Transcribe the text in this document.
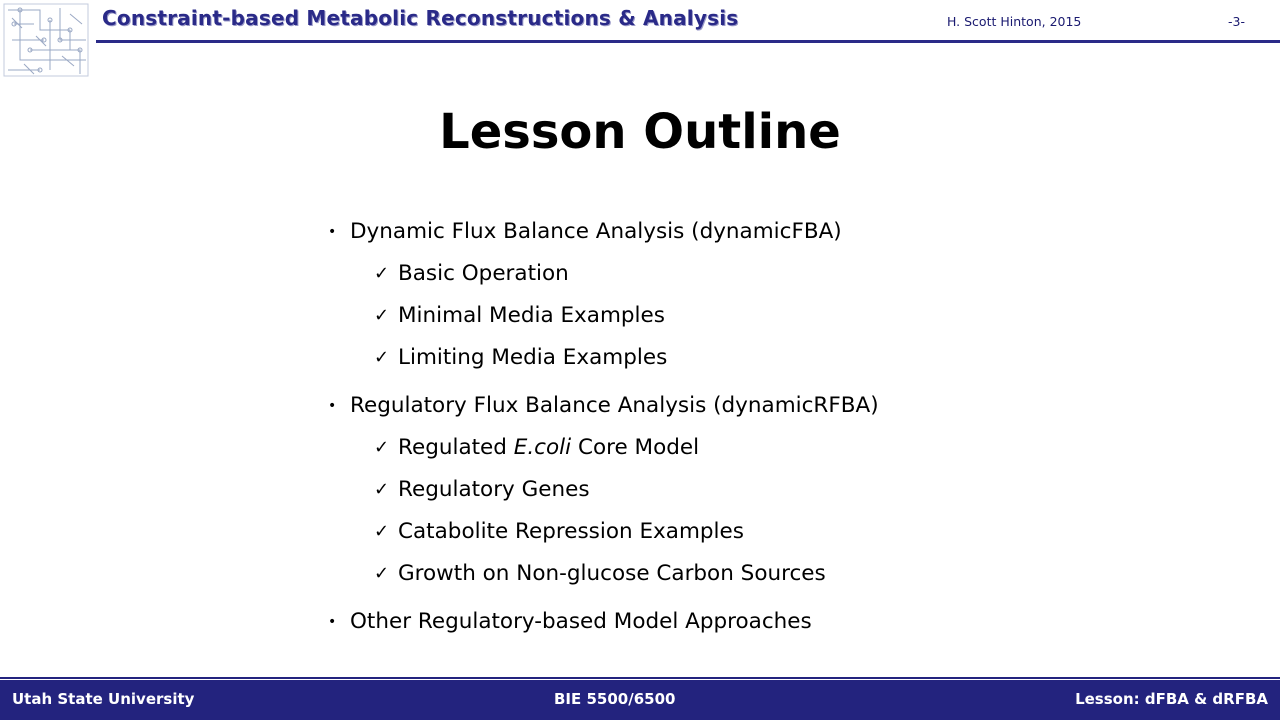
Constraint-based Metabolic Reconstructions & Analysis	H. Scott Hinton, 2015	-3-
Lesson Outline
• Dynamic Flux Balance Analysis (dynamicFBA)
✓ Basic Operation
✓ Minimal Media Examples
✓ Limiting Media Examples
• Regulatory Flux Balance Analysis (dynamicRFBA)
✓ Regulated E.coli Core Model
✓ Regulatory Genes
✓ Catabolite Repression Examples
✓ Growth on Non-glucose Carbon Sources
• Other Regulatory-based Model Approaches
Utah State University	BIE 5500/6500	Lesson: dFBA & dRFBA
